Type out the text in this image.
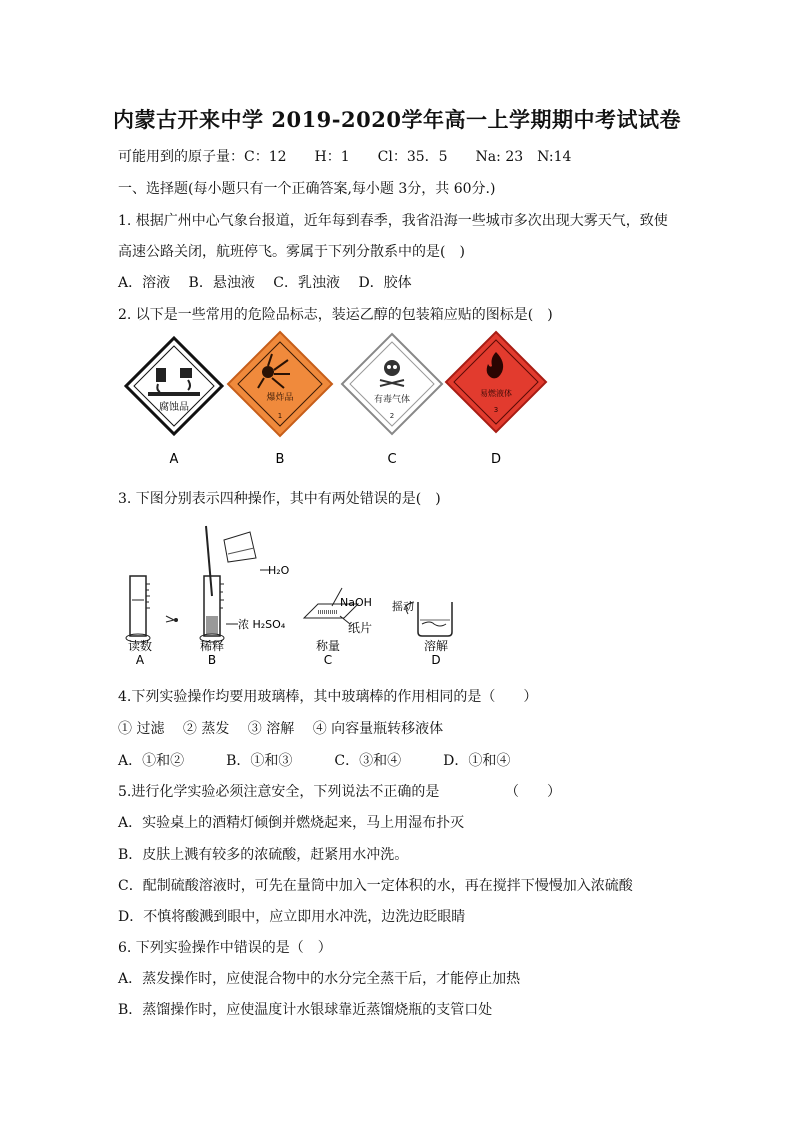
内蒙古开来中学 2019-2020学年高一上学期期中考试试卷
可能用到的原子量：C：12　　H：1　　Cl：35．5　　Na: 23　N:14
一、选择题(每小题只有一个正确答案,每小题 3分，共 60分.)
1. 根据广州中心气象台报道，近年每到春季，我省沿海一些城市多次出现大雾天气，致使
高速公路关闭，航班停飞。雾属于下列分散系中的是(　)
A．溶液　 B．悬浊液　 C．乳浊液　 D．胶体
2. 以下是一些常用的危险品标志，装运乙醇的包装箱应贴的图标是(　)
腐蚀品
A
爆炸品
1
B
有毒气体
2
C
易燃液体
3
D
3. 下图分别表示四种操作，其中有两处错误的是(　)
读数
A
H₂O
浓 H₂SO₄
稀释
B
NaOH
纸片
称量
C
摇动
溶解
D
4.下列实验操作均要用玻璃棒，其中玻璃棒的作用相同的是（　　）
① 过滤　 ② 蒸发　 ③ 溶解　 ④ 向容量瓶转移液体
A．①和②　　　B．①和③　　　C．③和④　　　D．①和④
5.进行化学实验必须注意安全，下列说法不正确的是	（　　）
A．实验桌上的酒精灯倾倒并燃烧起来，马上用湿布扑灭
B．皮肤上溅有较多的浓硫酸，赶紧用水冲洗。
C．配制硫酸溶液时，可先在量筒中加入一定体积的水，再在搅拌下慢慢加入浓硫酸
D．不慎将酸溅到眼中，应立即用水冲洗，边洗边眨眼睛
6. 下列实验操作中错误的是（　）
A．蒸发操作时，应使混合物中的水分完全蒸干后，才能停止加热
B．蒸馏操作时，应使温度计水银球靠近蒸馏烧瓶的支管口处
